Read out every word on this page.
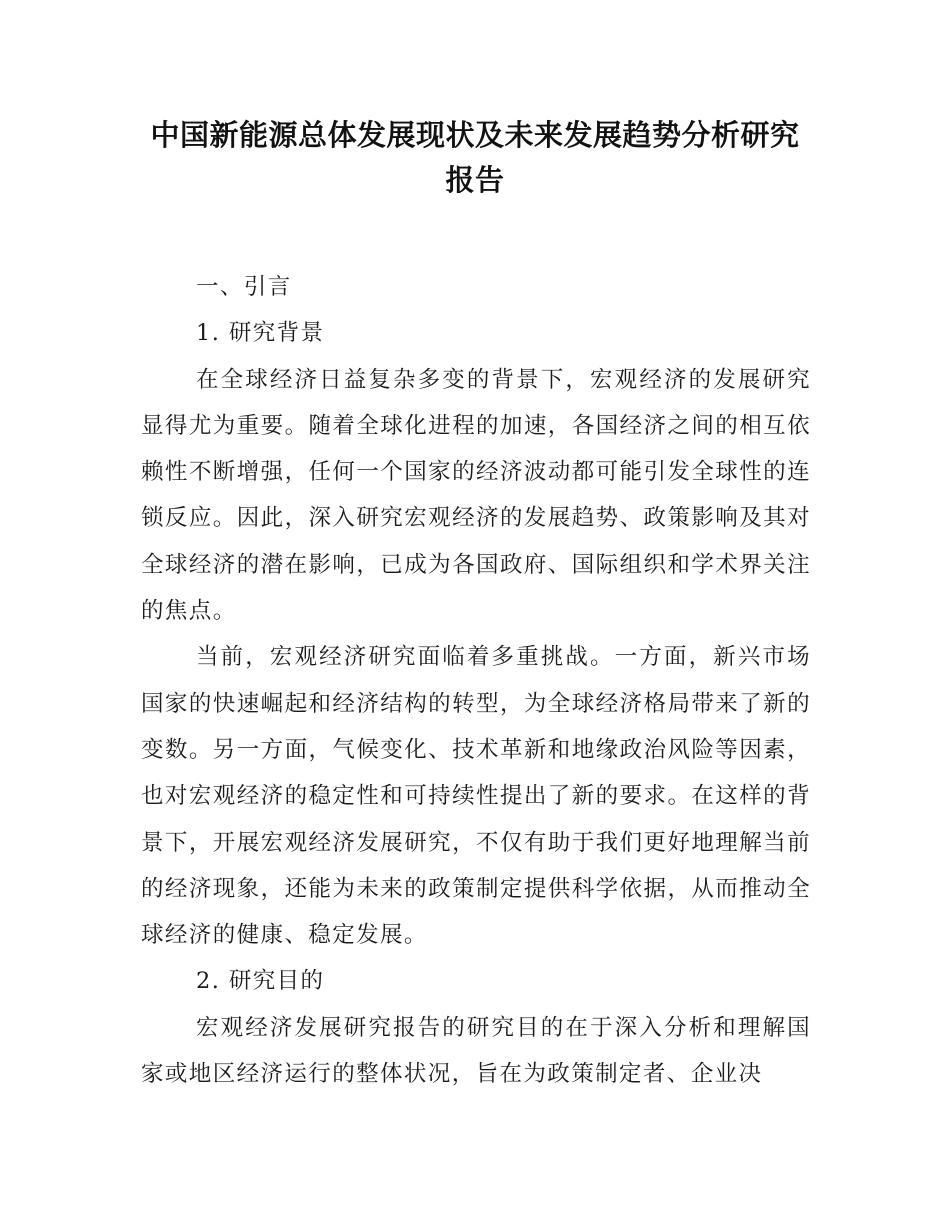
中国新能源总体发展现状及未来发展趋势分析研究报告
一、引言
1. 研究背景

在全球经济日益复杂多变的背景下，宏观经济的发展研究显得尤为重要。随着全球化进程的加速，各国经济之间的相互依赖性不断增强，任何一个国家的经济波动都可能引发全球性的连锁反应。因此，深入研究宏观经济的发展趋势、政策影响及其对全球经济的潜在影响，已成为各国政府、国际组织和学术界关注的焦点。

当前，宏观经济研究面临着多重挑战。一方面，新兴市场国家的快速崛起和经济结构的转型，为全球经济格局带来了新的变数。另一方面，气候变化、技术革新和地缘政治风险等因素，也对宏观经济的稳定性和可持续性提出了新的要求。在这样的背景下，开展宏观经济发展研究，不仅有助于我们更好地理解当前的经济现象，还能为未来的政策制定提供科学依据，从而推动全球经济的健康、稳定发展。

2. 研究目的

宏观经济发展研究报告的研究目的在于深入分析和理解国家或地区经济运行的整体状况，旨在为政策制定者、企业决
